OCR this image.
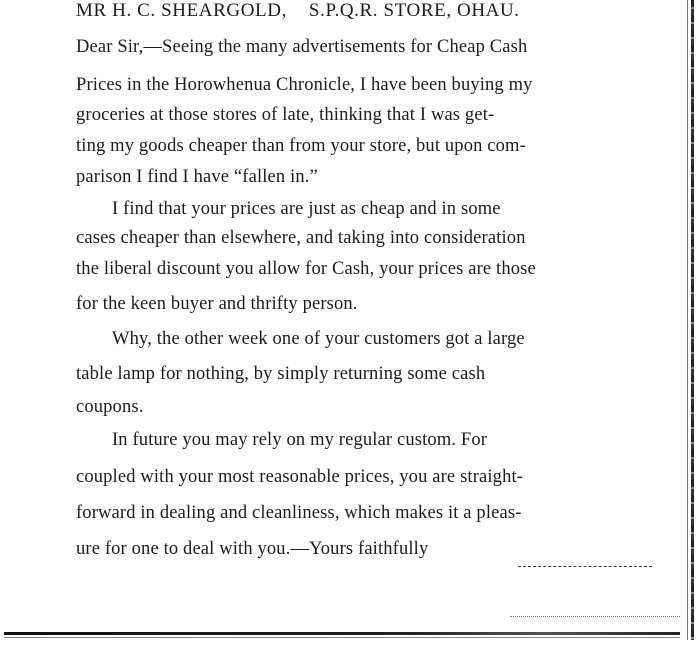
MR H. C. SHEARGOLD, S.P.Q.R. STORE, OHAU.
Dear Sir,—Seeing the many advertisements for Cheap Cash
Prices in the Horowhenua Chronicle, I have been buying my
groceries at those stores of late, thinking that I was get-
ting my goods cheaper than from your store, but upon com-
parison I find I have “fallen in.”
I find that your prices are just as cheap and in some
cases cheaper than elsewhere, and taking into consideration
the liberal discount you allow for Cash, your prices are those
for the keen buyer and thrifty person.
Why, the other week one of your customers got a large
table lamp for nothing, by simply returning some cash
coupons.
In future you may rely on my regular custom. For
coupled with your most reasonable prices, you are straight-
forward in dealing and cleanliness, which makes it a pleas-
ure for one to deal with you.—Yours faithfully
